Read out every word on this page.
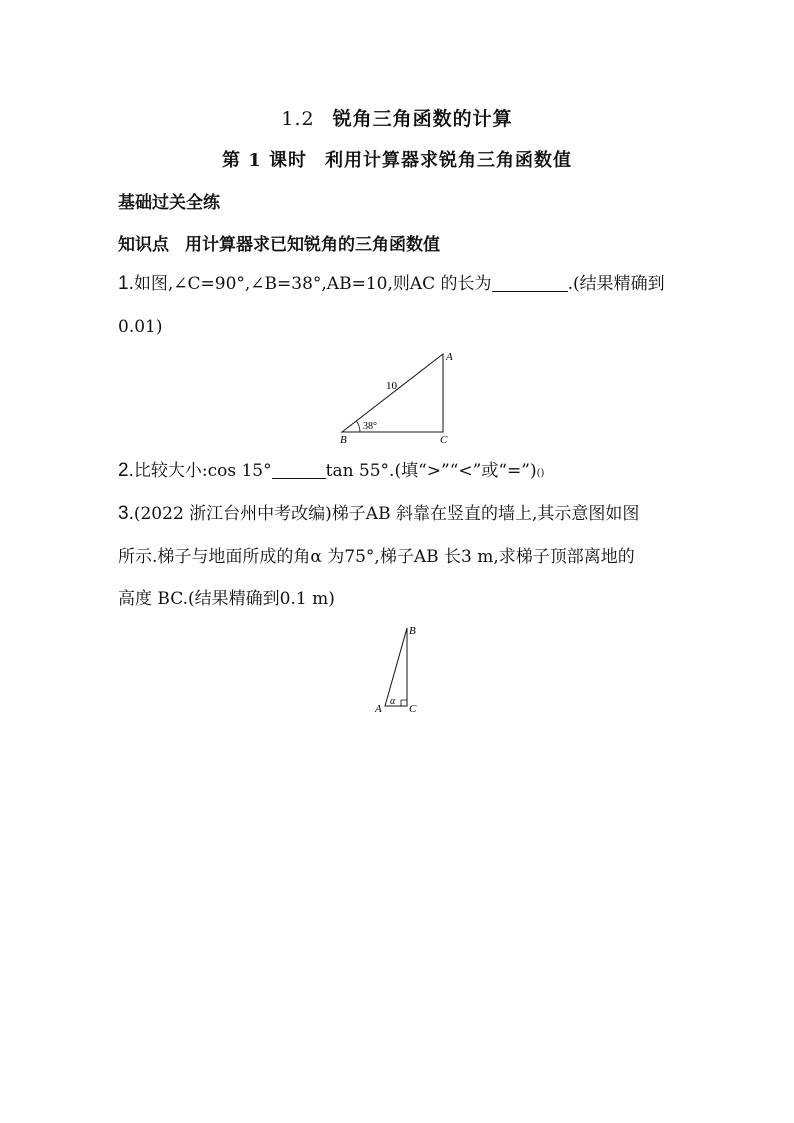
1.2 锐角三角函数的计算
第 1 课时 利用计算器求锐角三角函数值
基础过关全练
知识点 用计算器求已知锐角的三角函数值
1.如图,∠C=90°,∠B=38°,AB=10,则AC 的长为	.(结果精确到
0.01)
A
B	C
10
38°
2.比较大小:cos 15°	tan 55°.(填“>”“<”或“=”)()
3.(2022 浙江台州中考改编)梯子AB 斜靠在竖直的墙上,其示意图如图
所示.梯子与地面所成的角α 为75°,梯子AB 长3 m,求梯子顶部离地的
高度 BC.(结果精确到0.1 m)
B
A C
α
